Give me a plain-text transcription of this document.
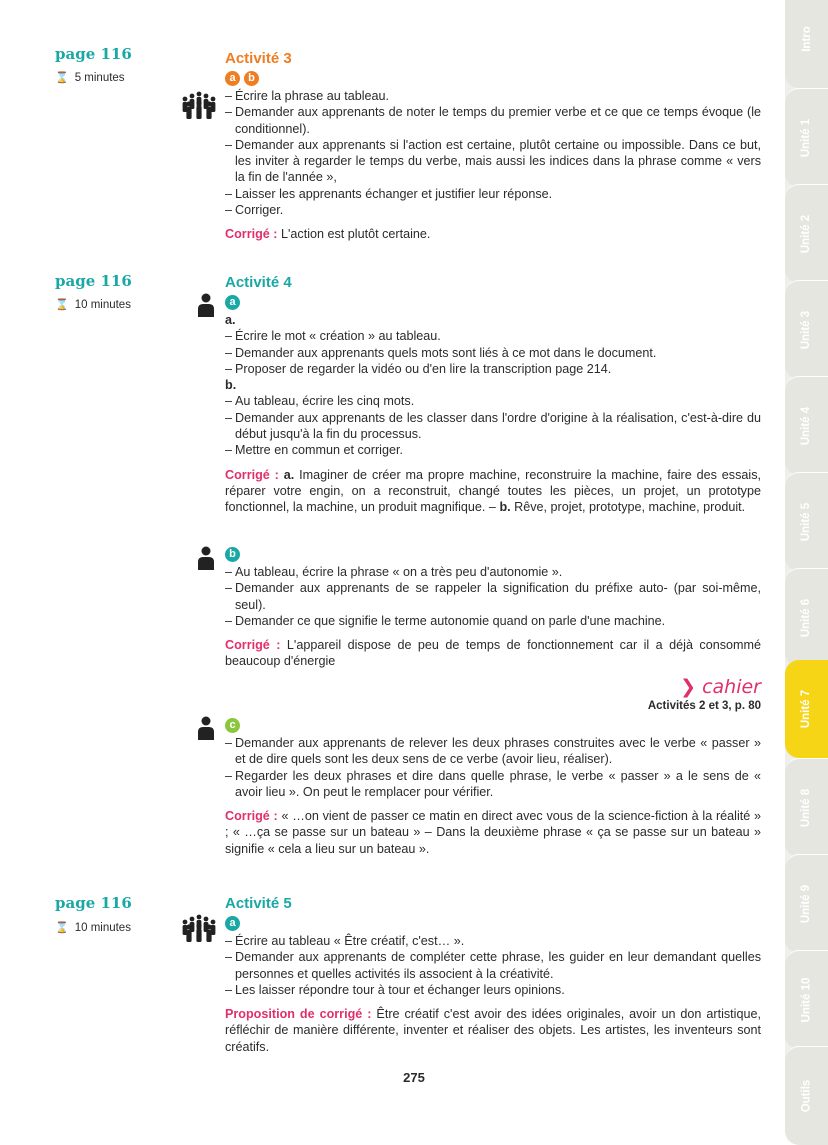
Intro
Unité 1
Unité 2
Unité 3
Unité 4
Unité 5
Unité 6
Unité 7
Unité 8
Unité 9
Unité 10
Outils
page 116
⌛ 5 minutes
Activité 3
a	b
– Écrire la phrase au tableau.
– Demander aux apprenants de noter le temps du premier verbe et ce que ce temps évoque (le conditionnel).
– Demander aux apprenants si l'action est certaine, plutôt certaine ou impossible. Dans ce but, les inviter à regarder le temps du verbe, mais aussi les indices dans la phrase comme « vers la fin de l'année »,
– Laisser les apprenants échanger et justifier leur réponse.
– Corriger.
Corrigé : L'action est plutôt certaine.
page 116
⌛ 10 minutes
Activité 4
a
a.
– Écrire le mot « création » au tableau.
– Demander aux apprenants quels mots sont liés à ce mot dans le document.
– Proposer de regarder la vidéo ou d'en lire la transcription page 214.
b.
– Au tableau, écrire les cinq mots.
– Demander aux apprenants de les classer dans l'ordre d'origine à la réalisation, c'est-à-dire du début jusqu'à la fin du processus.
– Mettre en commun et corriger.
Corrigé : a. Imaginer de créer ma propre machine, reconstruire la machine, faire des essais, réparer votre engin, on a reconstruit, changé toutes les pièces, un projet, un prototype fonctionnel, la machine, un produit magnifique. – b. Rêve, projet, prototype, machine, produit.
b
– Au tableau, écrire la phrase « on a très peu d'autonomie ».
– Demander aux apprenants de se rappeler la signification du préfixe auto- (par soi-même, seul).
– Demander ce que signifie le terme autonomie quand on parle d'une machine.
Corrigé : L'appareil dispose de peu de temps de fonctionnement car il a déjà consommé beaucoup d'énergie
❯ cahier
Activités 2 et 3, p. 80
c
– Demander aux apprenants de relever les deux phrases construites avec le verbe « passer » et de dire quels sont les deux sens de ce verbe (avoir lieu, réaliser).
– Regarder les deux phrases et dire dans quelle phrase, le verbe « passer » a le sens de « avoir lieu ». On peut le remplacer pour vérifier.
Corrigé : « …on vient de passer ce matin en direct avec vous de la science-fiction à la réalité » ; « …ça se passe sur un bateau » – Dans la deuxième phrase « ça se passe sur un bateau » signifie « cela a lieu sur un bateau ».
page 116
⌛ 10 minutes
Activité 5
a
– Écrire au tableau « Être créatif, c'est… ».
– Demander aux apprenants de compléter cette phrase, les guider en leur demandant quelles personnes et quelles activités ils associent à la créativité.
– Les laisser répondre tour à tour et échanger leurs opinions.
Proposition de corrigé : Être créatif c'est avoir des idées originales, avoir un don artistique, réfléchir de manière différente, inventer et réaliser des objets. Les artistes, les inventeurs sont créatifs.
275
